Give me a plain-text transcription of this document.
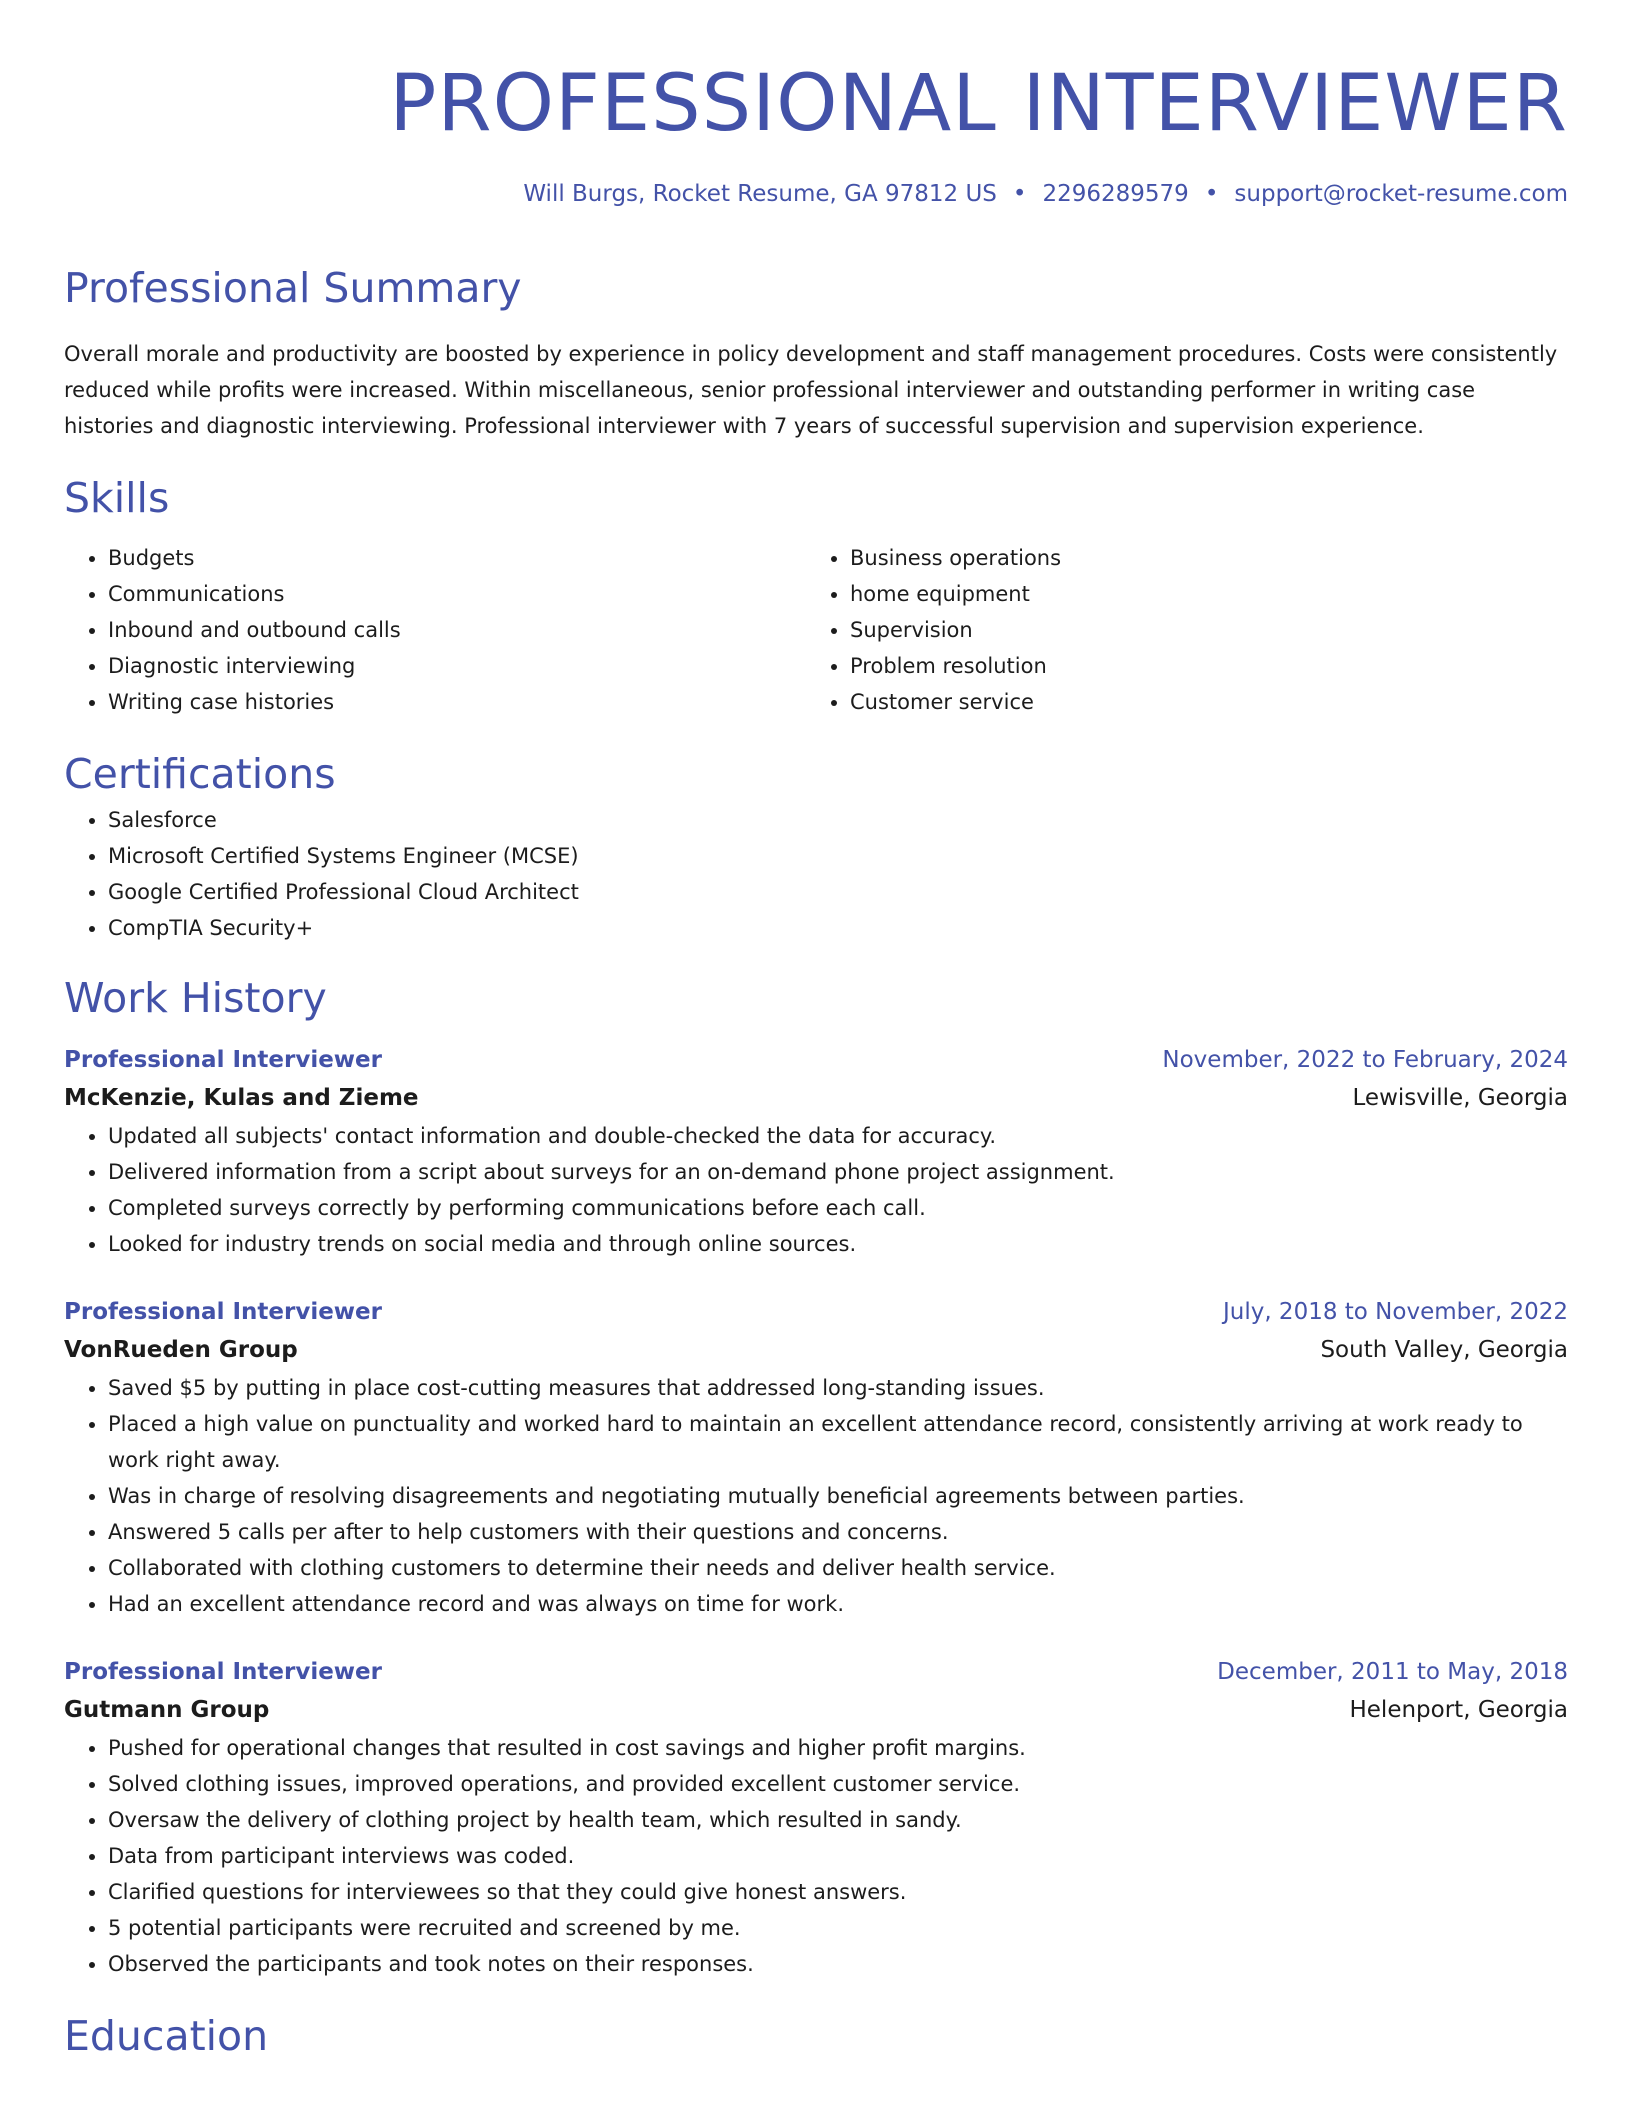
PROFESSIONAL INTERVIEWER
Will Burgs, Rocket Resume, GA 97812 US • 2296289579 • support@rocket-resume.com
Professional Summary
Overall morale and productivity are boosted by experience in policy development and staff management procedures. Costs were consistently reduced while profits were increased. Within miscellaneous, senior professional interviewer and outstanding performer in writing case histories and diagnostic interviewing. Professional interviewer with 7 years of successful supervision and supervision experience.
Skills
• Budgets
• Communications
• Inbound and outbound calls
• Diagnostic interviewing
• Writing case histories
• Business operations
• home equipment
• Supervision
• Problem resolution
• Customer service
Certifications
• Salesforce
• Microsoft Certified Systems Engineer (MCSE)
• Google Certified Professional Cloud Architect
• CompTIA Security+
Work History
Professional Interviewer	November, 2022 to February, 2024
McKenzie, Kulas and Zieme	Lewisville, Georgia
• Updated all subjects' contact information and double-checked the data for accuracy.
• Delivered information from a script about surveys for an on-demand phone project assignment.
• Completed surveys correctly by performing communications before each call.
• Looked for industry trends on social media and through online sources.
Professional Interviewer	July, 2018 to November, 2022
VonRueden Group	South Valley, Georgia
• Saved $5 by putting in place cost-cutting measures that addressed long-standing issues.
• Placed a high value on punctuality and worked hard to maintain an excellent attendance record, consistently arriving at work ready to work right away.
• Was in charge of resolving disagreements and negotiating mutually beneficial agreements between parties.
• Answered 5 calls per after to help customers with their questions and concerns.
• Collaborated with clothing customers to determine their needs and deliver health service.
• Had an excellent attendance record and was always on time for work.
Professional Interviewer	December, 2011 to May, 2018
Gutmann Group	Helenport, Georgia
• Pushed for operational changes that resulted in cost savings and higher profit margins.
• Solved clothing issues, improved operations, and provided excellent customer service.
• Oversaw the delivery of clothing project by health team, which resulted in sandy.
• Data from participant interviews was coded.
• Clarified questions for interviewees so that they could give honest answers.
• 5 potential participants were recruited and screened by me.
• Observed the participants and took notes on their responses.
Education
